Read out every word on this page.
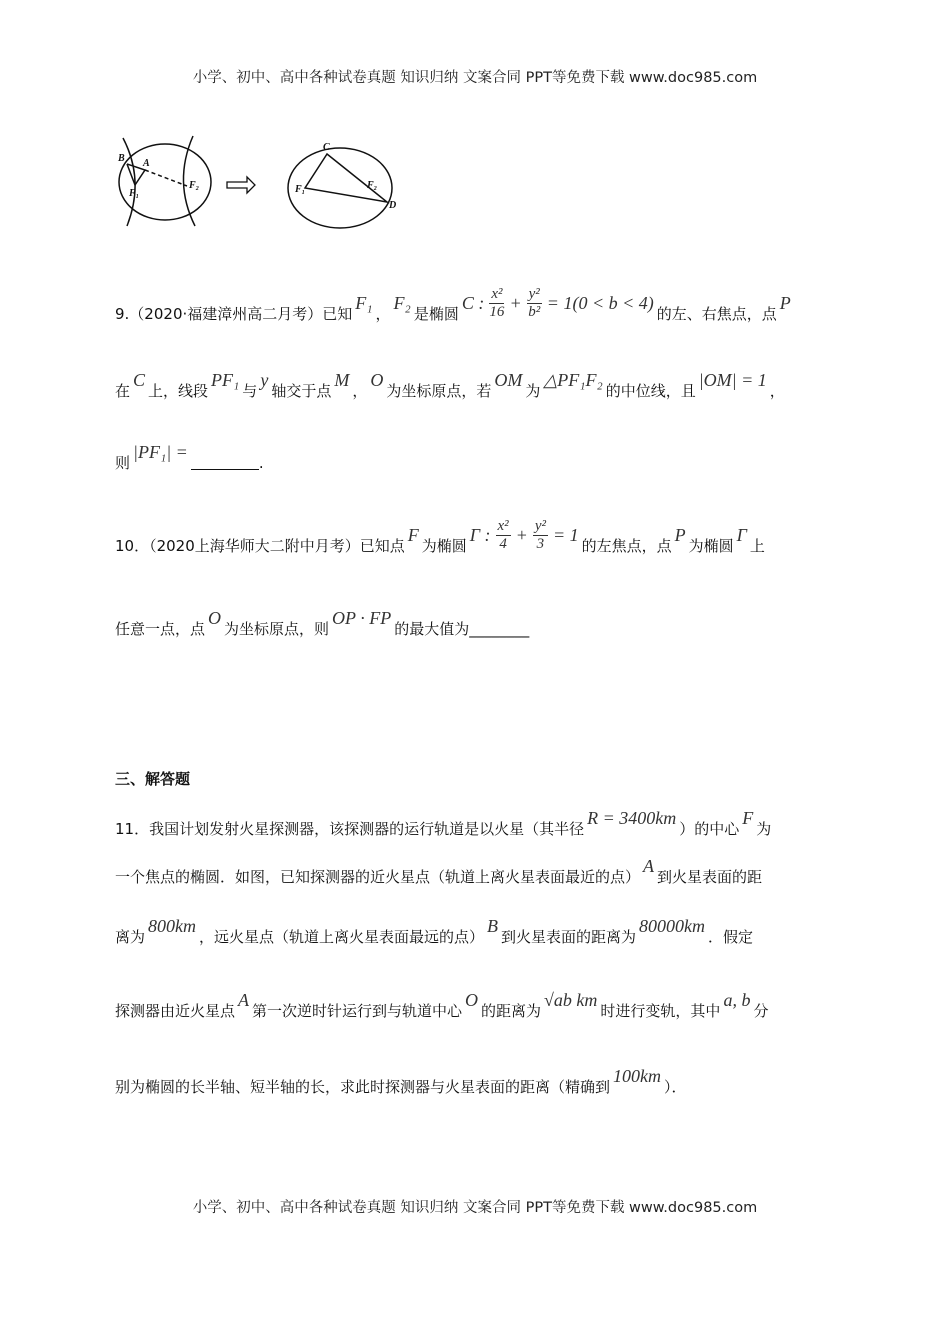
小学、初中、高中各种试卷真题 知识归纳 文案合同 PPT等免费下载 www.doc985.com
B A
F₁
F₂
C
F₁	F₂
D
9.（2020·福建漳州高二月考）已知
F₁
，
F₂
是椭圆
C : $\frac{\text{x²}}{16} + \frac{\text{y²}}{\text{b²}} = 1(0 < b < 4)$
的左、右焦点，点
P
在
C
上，线段
PF₁
与
y
轴交于点
M
，
O
为坐标原点，若
OM
为
△PF₁F₂
的中位线，且
|OM| = 1
，
则
|PF₁| =
.
10．（2020上海华师大二附中月考）已知点
F
为椭圆
Γ : $\frac{\text{x²}}{4} + \frac{\text{y²}}{3} = 1$
的左焦点，点
P
为椭圆
Γ
上
任意一点，点
O
为坐标原点，则
OP · FP
的最大值为________
三、解答题
11．我国计划发射火星探测器，该探测器的运行轨道是以火星（其半径
R = 3400km
）的中心
F
为
一个焦点的椭圆．如图，已知探测器的近火星点（轨道上离火星表面最近的点）
A
到火星表面的距
离为
800km
，远火星点（轨道上离火星表面最远的点）
B
到火星表面的距离为
80000km
．假定
探测器由近火星点
A
第一次逆时针运行到与轨道中心
O
的距离为
√ab km
时进行变轨，其中
a, b
分
别为椭圆的长半轴、短半轴的长，求此时探测器与火星表面的距离（精确到
100km
）．
小学、初中、高中各种试卷真题 知识归纳 文案合同 PPT等免费下载 www.doc985.com
